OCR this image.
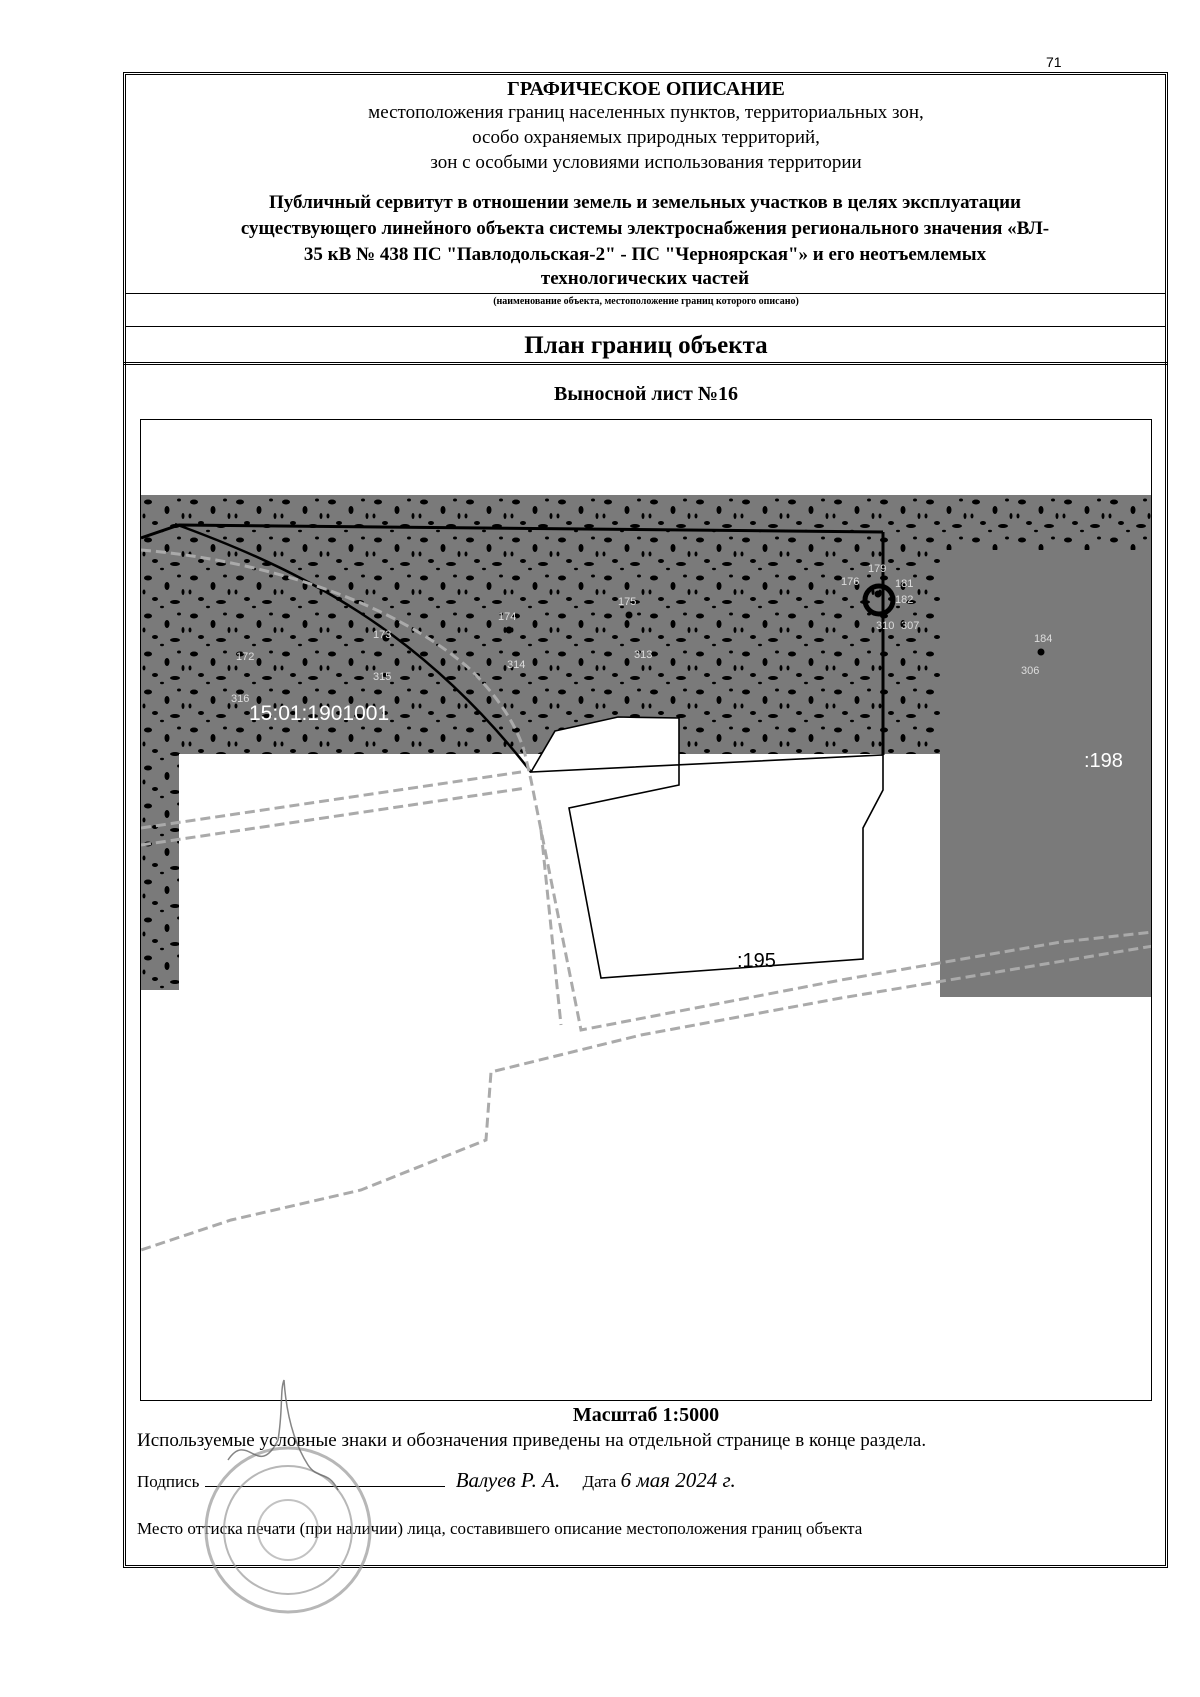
71
ГРАФИЧЕСКОЕ ОПИСАНИЕ
местоположения границ населенных пунктов, территориальных зон,
особо охраняемых природных территорий,
зон с особыми условиями использования территории
Публичный сервитут в отношении земель и земельных участков в целях эксплуатации
существующего линейного объекта системы электроснабжения регионального значения «ВЛ-
35 кВ № 438 ПС "Павлодольская-2" - ПС "Черноярская"» и его неотъемлемых
технологических частей
(наименование объекта, местоположение границ которого описано)
План границ объекта
Выносной лист №16
172
173
174
175
176
179
181
182
184
316
315
314
313
307
306
310
15:01:1901001
:195
:198
Масштаб 1:5000
Используемые условные знаки и обозначения приведены на отдельной странице в конце раздела.
Подпись	Валуев Р. А. Дата 6 мая 2024 г.
Место оттиска печати (при наличии) лица, составившего описание местоположения границ объекта
